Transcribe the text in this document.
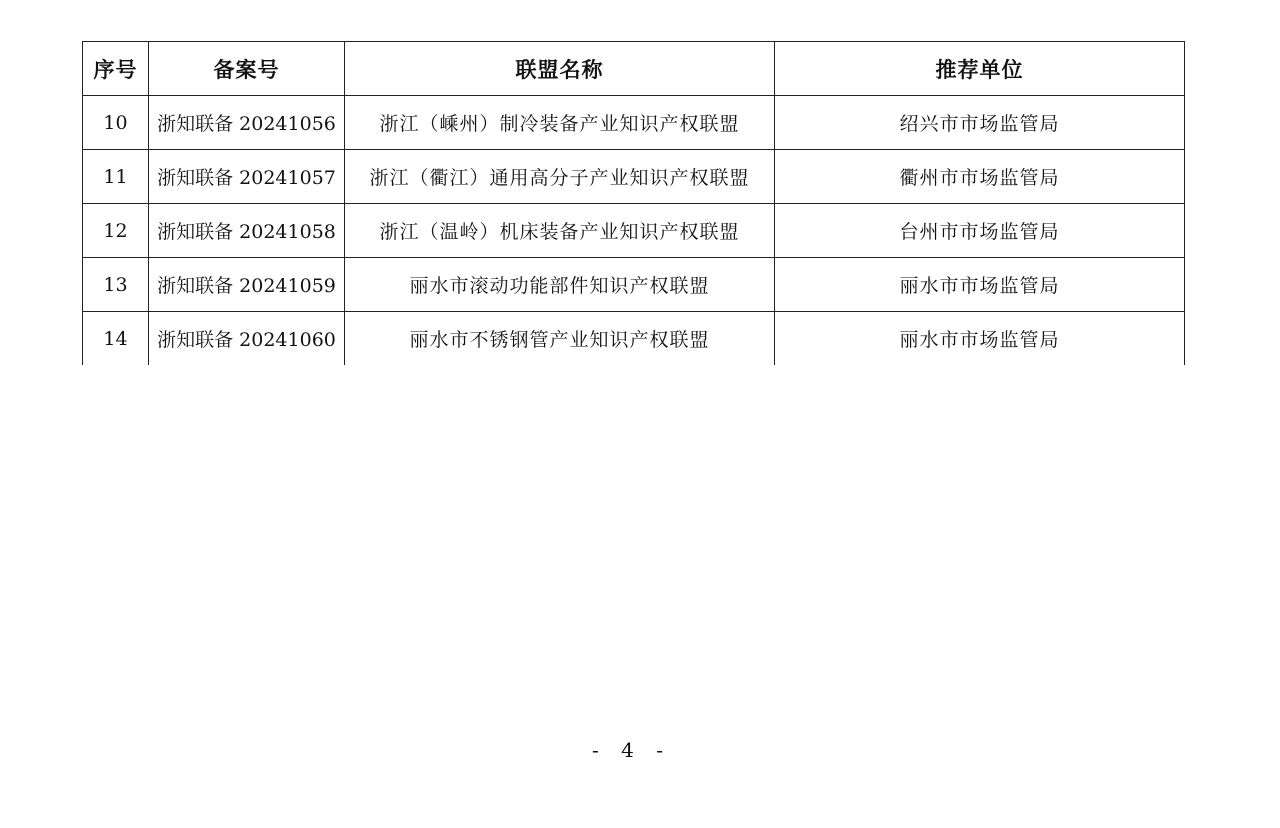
序号	备案号	联盟名称	推荐单位
10	浙知联备 20241056	浙江（嵊州）制冷装备产业知识产权联盟	绍兴市市场监管局
11	浙知联备 20241057	浙江（衢江）通用高分子产业知识产权联盟	衢州市市场监管局
12	浙知联备 20241058	浙江（温岭）机床装备产业知识产权联盟	台州市市场监管局
13	浙知联备 20241059	丽水市滚动功能部件知识产权联盟	丽水市市场监管局
14	浙知联备 20241060	丽水市不锈钢管产业知识产权联盟	丽水市市场监管局
- 4 -
